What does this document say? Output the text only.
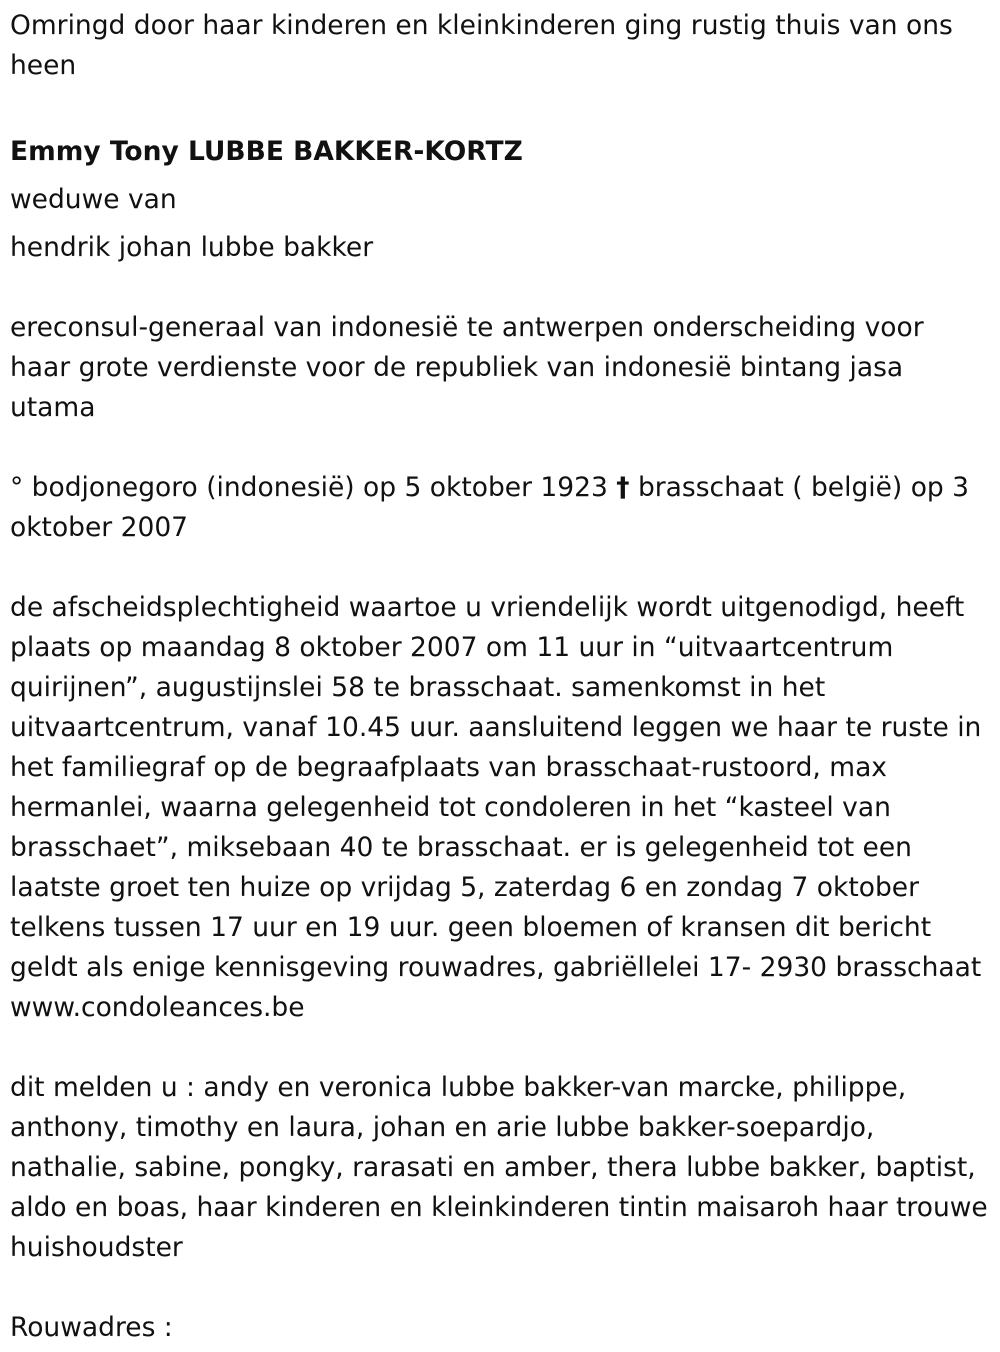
Omringd door haar kinderen en kleinkinderen ging rustig thuis van ons heen

Emmy Tony LUBBE BAKKER-KORTZ

weduwe van

hendrik johan lubbe bakker

ereconsul-generaal van indonesië te antwerpen onderscheiding voor haar grote verdienste voor de republiek van indonesië bintang jasa utama

° bodjonegoro (indonesië) op 5 oktober 1923 † brasschaat ( belgië) op 3 oktober 2007

de afscheidsplechtigheid waartoe u vriendelijk wordt uitgenodigd, heeft plaats op maandag 8 oktober 2007 om 11 uur in “uitvaartcentrum quirijnen”, augustijnslei 58 te brasschaat. samenkomst in het uitvaartcentrum, vanaf 10.45 uur. aansluitend leggen we haar te ruste in het familiegraf op de begraafplaats van brasschaat-rustoord, max hermanlei, waarna gelegenheid tot condoleren in het “kasteel van brasschaet”, miksebaan 40 te brasschaat. er is gelegenheid tot een laatste groet ten huize op vrijdag 5, zaterdag 6 en zondag 7 oktober telkens tussen 17 uur en 19 uur. geen bloemen of kransen dit bericht geldt als enige kennisgeving rouwadres, gabriëllelei 17- 2930 brasschaat www.condoleances.be

dit melden u : andy en veronica lubbe bakker-van marcke, philippe, anthony, timothy en laura, johan en arie lubbe bakker-soepardjo, nathalie, sabine, pongky, rarasati en amber, thera lubbe bakker, baptist, aldo en boas, haar kinderen en kleinkinderen tintin maisaroh haar trouwe huishoudster

Rouwadres :
